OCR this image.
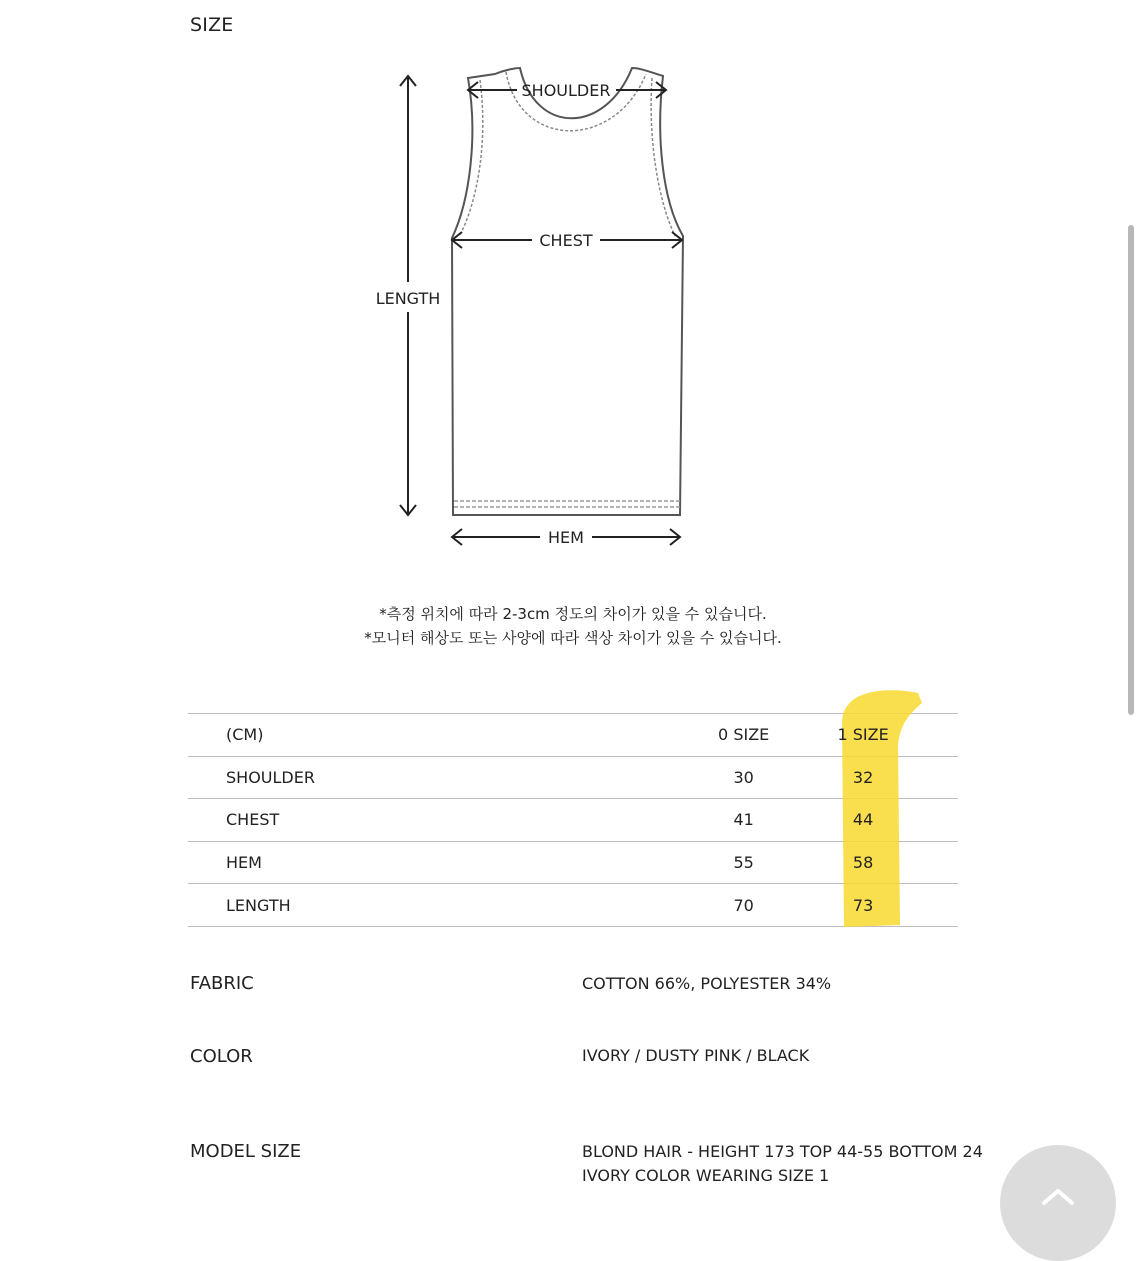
SIZE
SHOULDER
CHEST
LENGTH
HEM
*측정 위치에 따라 2-3cm 정도의 차이가 있을 수 있습니다.
*모니터 해상도 또는 사양에 따라 색상 차이가 있을 수 있습니다.
(CM)	0 SIZE	1 SIZE	
SHOULDER	30	32	
CHEST	41	44	
HEM	55	58	
LENGTH	70	73	
FABRIC	COTTON 66%, POLYESTER 34%
COLOR	IVORY / DUSTY PINK / BLACK
MODEL SIZE	BLOND HAIR - HEIGHT 173 TOP 44-55 BOTTOM 24
IVORY COLOR WEARING SIZE 1
